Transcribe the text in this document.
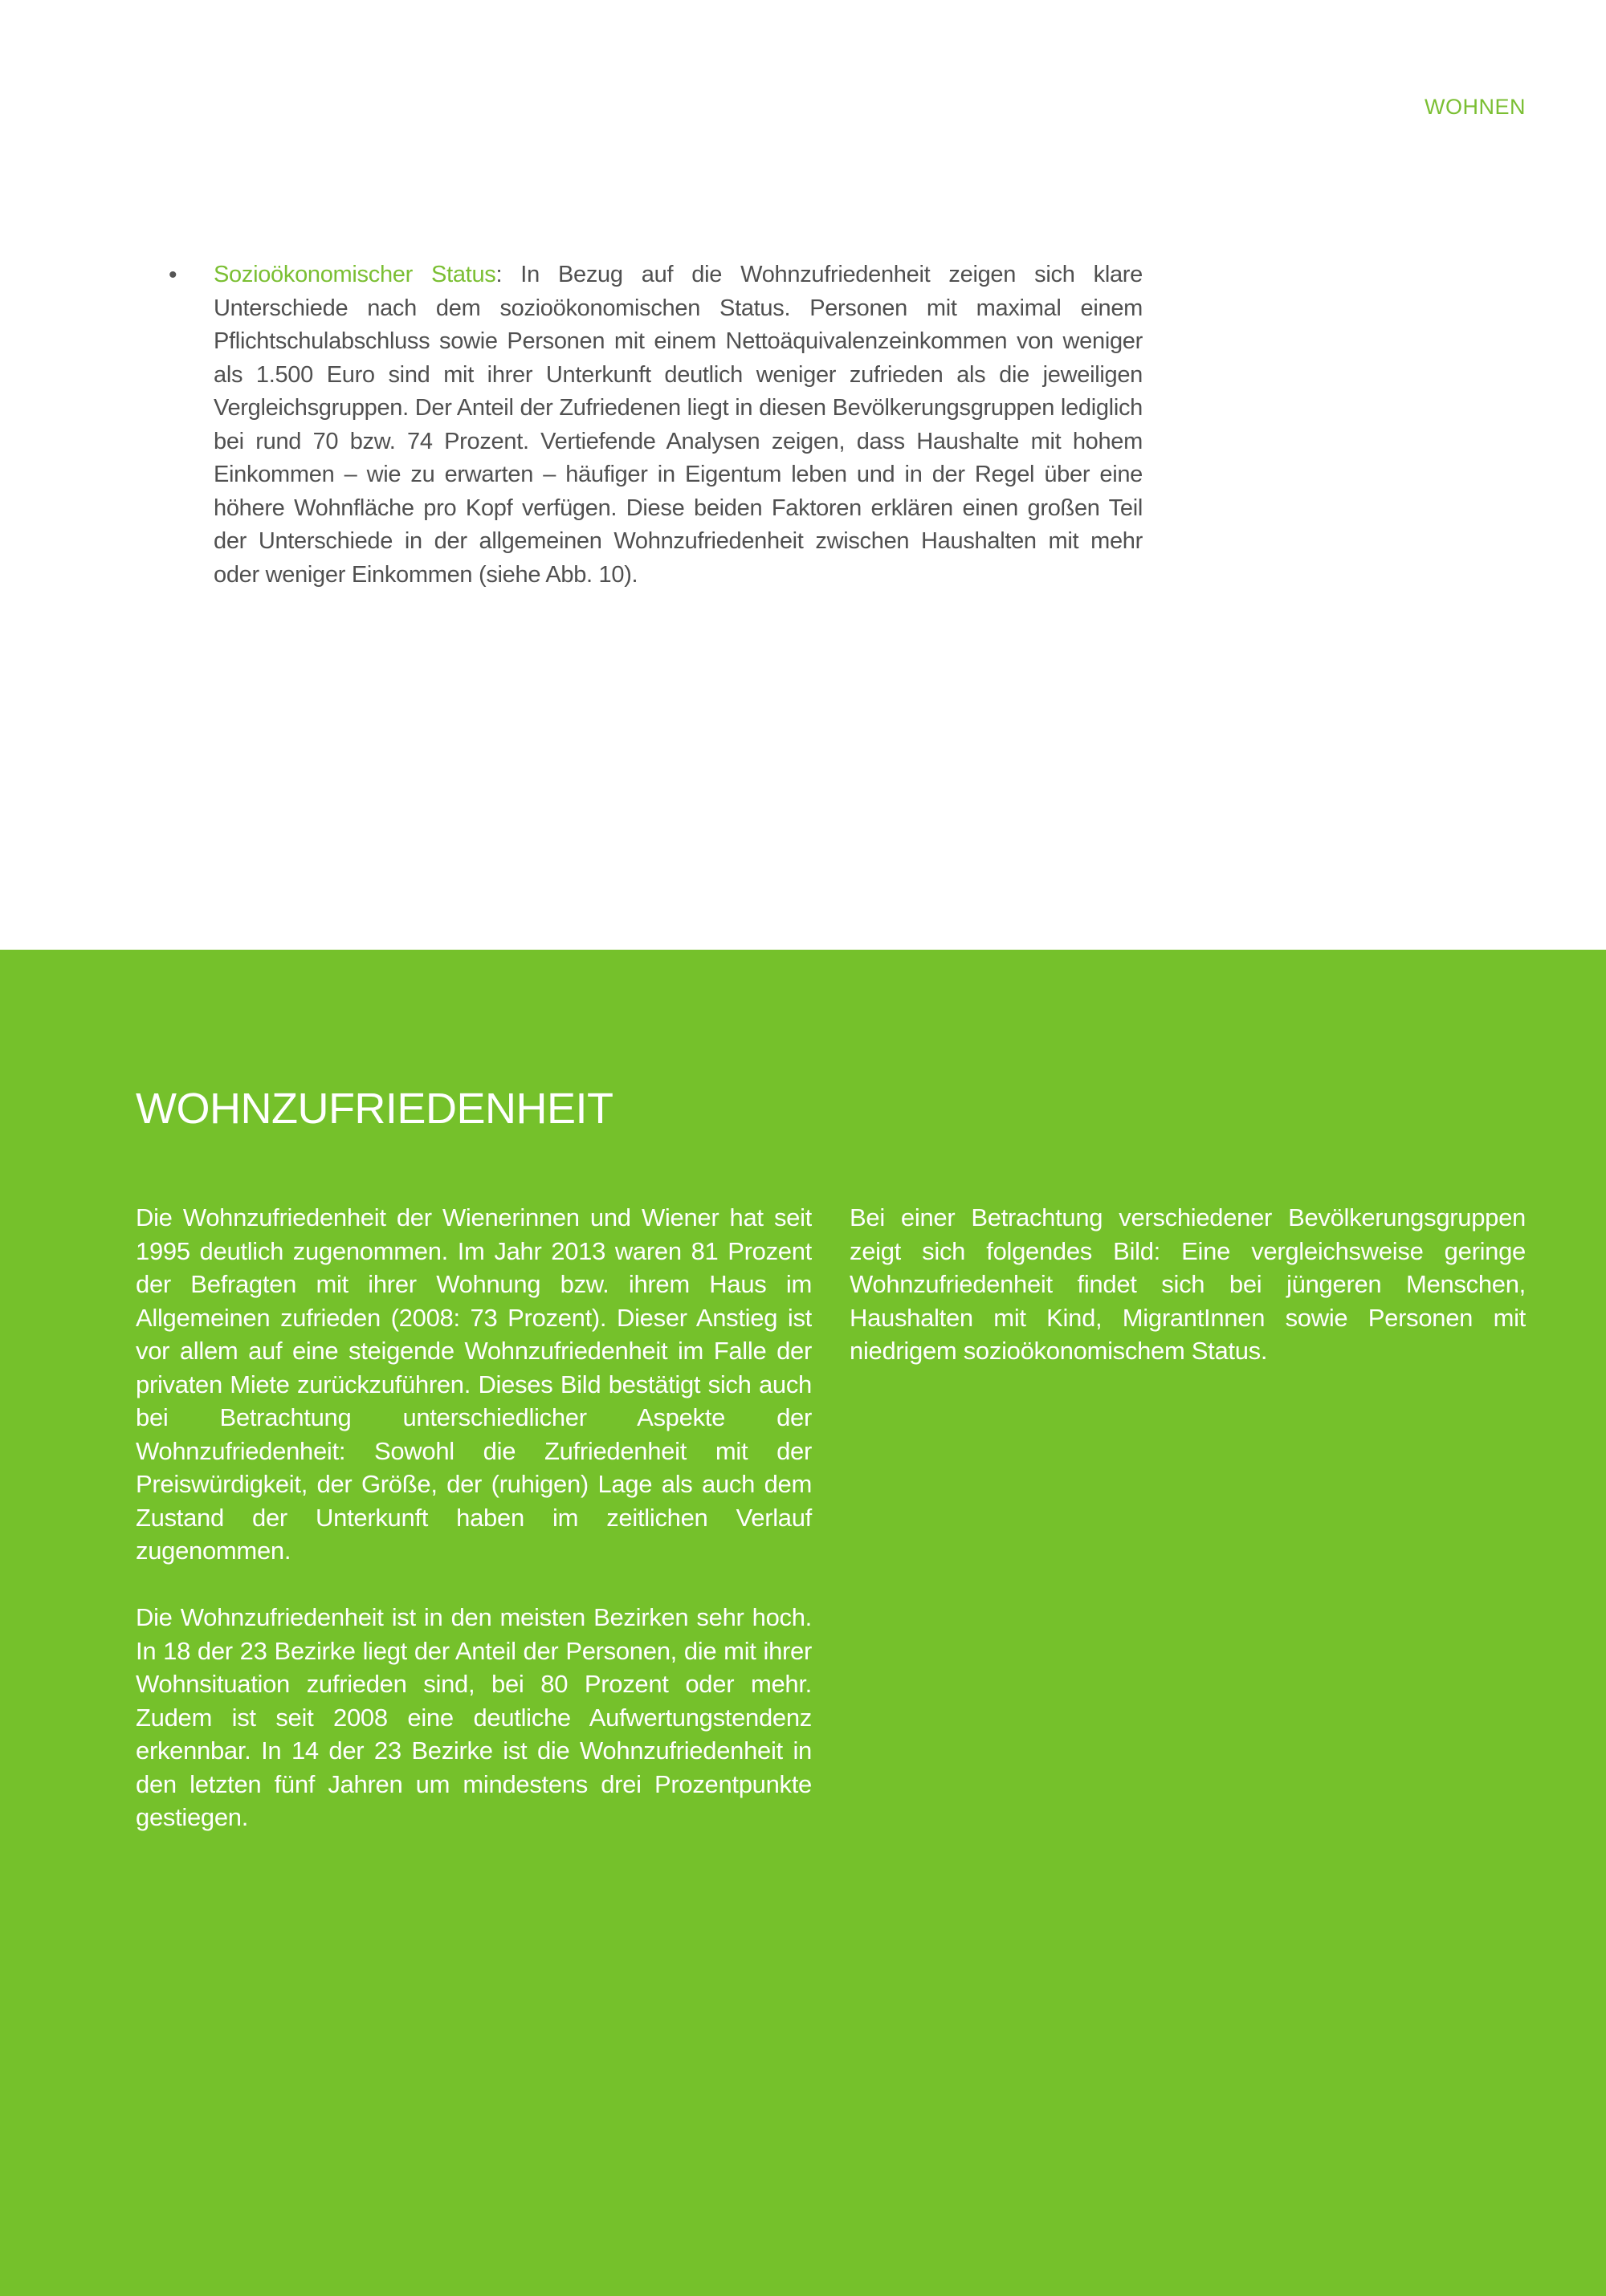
WOHNEN
•	Sozioökonomischer Status: In Bezug auf die Wohnzufriedenheit zeigen sich klare Unterschiede nach dem sozioökonomischen Status. Personen mit maximal einem Pflichtschulabschluss sowie Personen mit einem Nettoäquivalenzeinkommen von weniger als 1.500 Euro sind mit ihrer Unterkunft deutlich weniger zufrieden als die jeweiligen Vergleichsgruppen. Der Anteil der Zufriedenen liegt in diesen Bevölkerungsgruppen lediglich bei rund 70 bzw. 74 Prozent. Vertiefende Analysen zeigen, dass Haushalte mit hohem Einkommen – wie zu erwarten – häufiger in Eigentum leben und in der Regel über eine höhere Wohnfläche pro Kopf verfügen. Diese beiden Faktoren erklären einen großen Teil der Unterschiede in der allgemeinen Wohnzufriedenheit zwischen Haushalten mit mehr oder weniger Einkommen (siehe Abb. 10).

WOHNZUFRIEDENHEIT

Die Wohnzufriedenheit der Wienerinnen und Wiener hat seit 1995 deutlich zugenommen. Im Jahr 2013 waren 81 Prozent der Befragten mit ihrer Wohnung bzw. ihrem Haus im Allgemeinen zufrieden (2008: 73 Prozent). Dieser Anstieg ist vor allem auf eine steigende Wohnzufriedenheit im Falle der privaten Miete zurückzuführen. Dieses Bild bestätigt sich auch bei Betrachtung unterschiedlicher Aspekte der Wohnzufriedenheit: Sowohl die Zufriedenheit mit der Preiswürdigkeit, der Größe, der (ruhigen) Lage als auch dem Zustand der Unterkunft haben im zeitlichen Verlauf zugenommen.

Die Wohnzufriedenheit ist in den meisten Bezirken sehr hoch. In 18 der 23 Bezirke liegt der Anteil der Personen, die mit ihrer Wohnsituation zufrieden sind, bei 80 Prozent oder mehr. Zudem ist seit 2008 eine deutliche Aufwertungstendenz erkennbar. In 14 der 23 Bezirke ist die Wohnzufriedenheit in den letzten fünf Jahren um mindestens drei Prozentpunkte gestiegen.

Bei einer Betrachtung verschiedener Bevölkerungsgruppen zeigt sich folgendes Bild: Eine vergleichsweise geringe Wohnzufriedenheit findet sich bei jüngeren Menschen, Haushalten mit Kind, MigrantInnen sowie Personen mit niedrigem sozioökonomischem Status.
